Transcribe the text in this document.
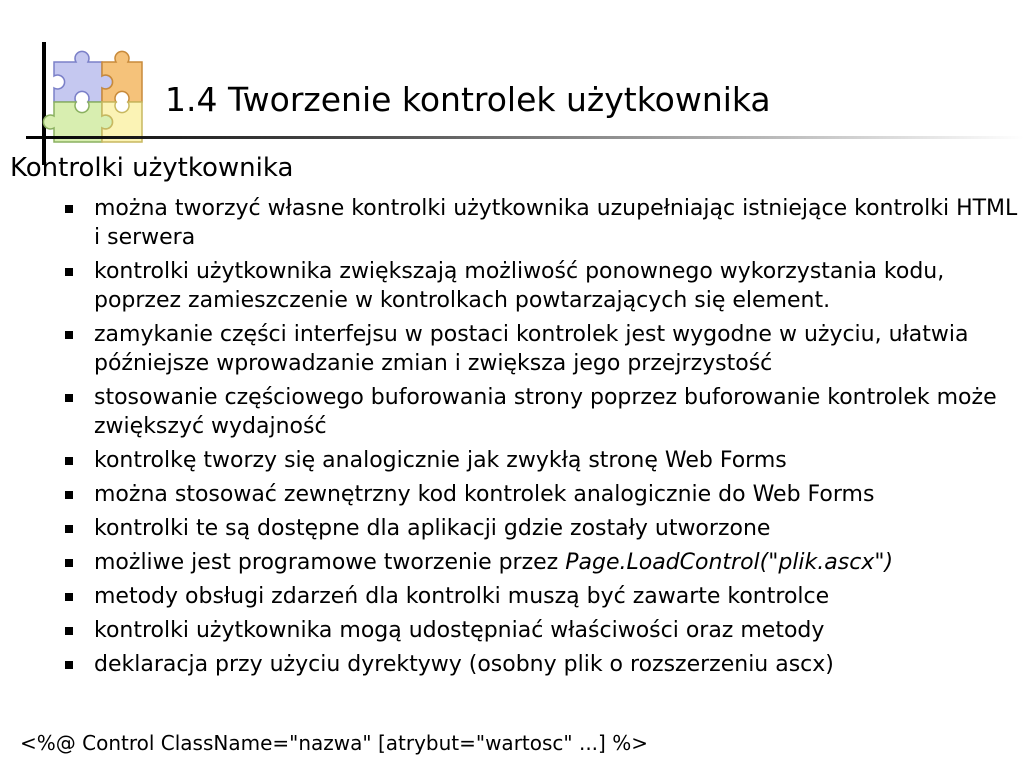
1.4 Tworzenie kontrolek użytkownika
Kontrolki użytkownika
można tworzyć własne kontrolki użytkownika uzupełniając istniejące kontrolki HTML i serwera
kontrolki użytkownika zwiększają możliwość ponownego wykorzystania kodu, poprzez zamieszczenie w kontrolkach powtarzających się element.
zamykanie części interfejsu w postaci kontrolek jest wygodne w użyciu, ułatwia późniejsze wprowadzanie zmian i zwiększa jego przejrzystość
stosowanie częściowego buforowania strony poprzez buforowanie kontrolek może zwiększyć wydajność
kontrolkę tworzy się analogicznie jak zwykłą stronę Web Forms
można stosować zewnętrzny kod kontrolek analogicznie do Web Forms
kontrolki te są dostępne dla aplikacji gdzie zostały utworzone
możliwe jest programowe tworzenie przez Page.LoadControl("plik.ascx")
metody obsługi zdarzeń dla kontrolki muszą być zawarte kontrolce
kontrolki użytkownika mogą udostępniać właściwości oraz metody
deklaracja przy użyciu dyrektywy (osobny plik o rozszerzeniu ascx)
<%@ Control ClassName="nazwa" [atrybut="wartosc" ...] %>
